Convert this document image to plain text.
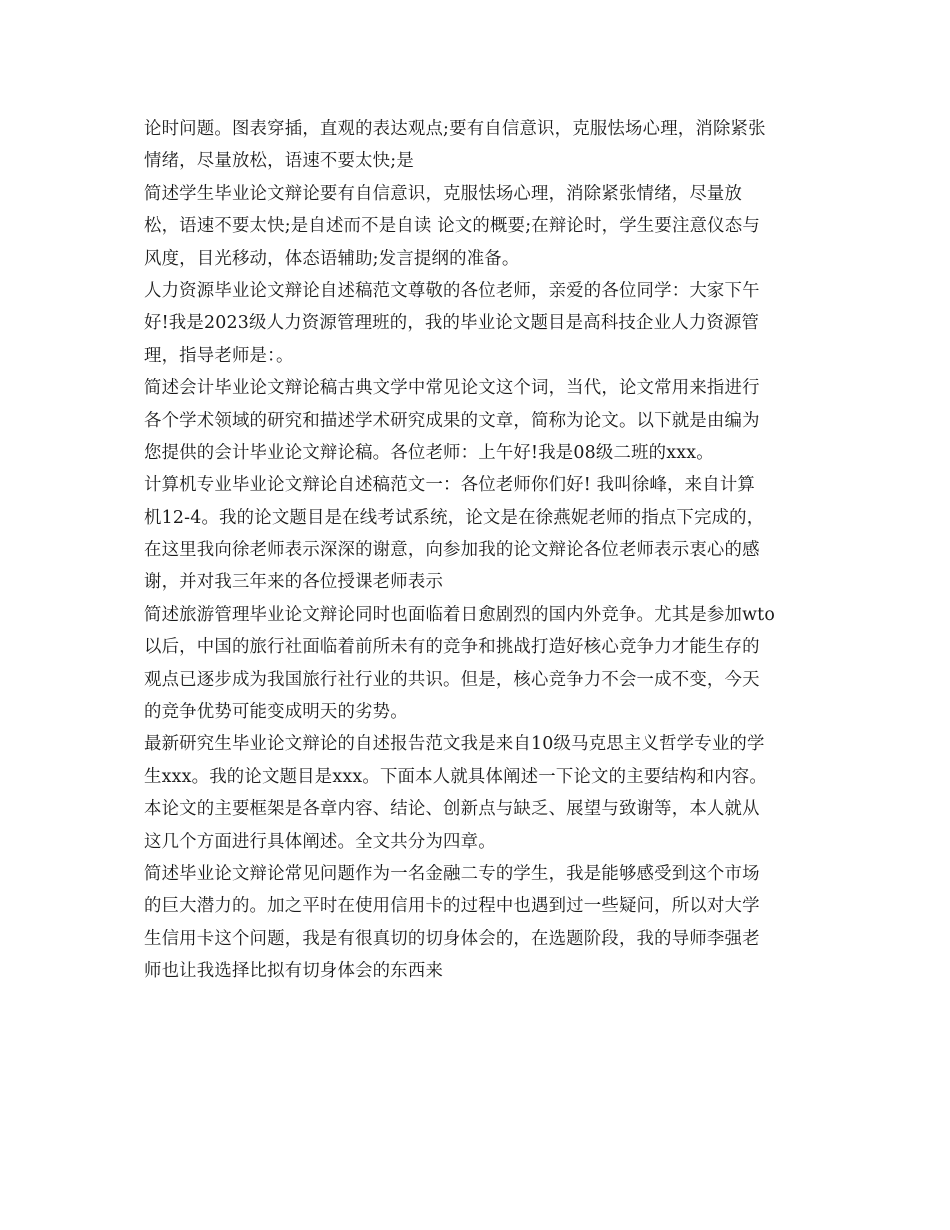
论时问题。图表穿插，直观的表达观点;要有自信意识，克服怯场心理，消除紧张
情绪，尽量放松，语速不要太快;是

简述学生毕业论文辩论要有自信意识，克服怯场心理，消除紧张情绪，尽量放
松，语速不要太快;是自述而不是自读 论文的概要;在辩论时，学生要注意仪态与
风度，目光移动，体态语辅助;发言提纲的准备。

人力资源毕业论文辩论自述稿范文尊敬的各位老师，亲爱的各位同学：大家下午
好!我是2023级人力资源管理班的，我的毕业论文题目是高科技企业人力资源管
理，指导老师是：。

简述会计毕业论文辩论稿古典文学中常见论文这个词，当代，论文常用来指进行
各个学术领域的研究和描述学术研究成果的文章，简称为论文。以下就是由编为
您提供的会计毕业论文辩论稿。各位老师：上午好!我是08级二班的xxx。

计算机专业毕业论文辩论自述稿范文一：各位老师你们好! 我叫徐峰，来自计算
机12-4。我的论文题目是在线考试系统，论文是在徐燕妮老师的指点下完成的，
在这里我向徐老师表示深深的谢意，向参加我的论文辩论各位老师表示衷心的感
谢，并对我三年来的各位授课老师表示

简述旅游管理毕业论文辩论同时也面临着日愈剧烈的国内外竞争。尤其是参加wto
以后，中国的旅行社面临着前所未有的竞争和挑战打造好核心竞争力才能生存的
观点已逐步成为我国旅行社行业的共识。但是，核心竞争力不会一成不变，今天
的竞争优势可能变成明天的劣势。

最新研究生毕业论文辩论的自述报告范文我是来自10级马克思主义哲学专业的学
生xxx。我的论文题目是xxx。下面本人就具体阐述一下论文的主要结构和内容。
本论文的主要框架是各章内容、结论、创新点与缺乏、展望与致谢等，本人就从
这几个方面进行具体阐述。全文共分为四章。

简述毕业论文辩论常见问题作为一名金融二专的学生，我是能够感受到这个市场
的巨大潜力的。加之平时在使用信用卡的过程中也遇到过一些疑问，所以对大学
生信用卡这个问题，我是有很真切的切身体会的，在选题阶段，我的导师李强老
师也让我选择比拟有切身体会的东西来
